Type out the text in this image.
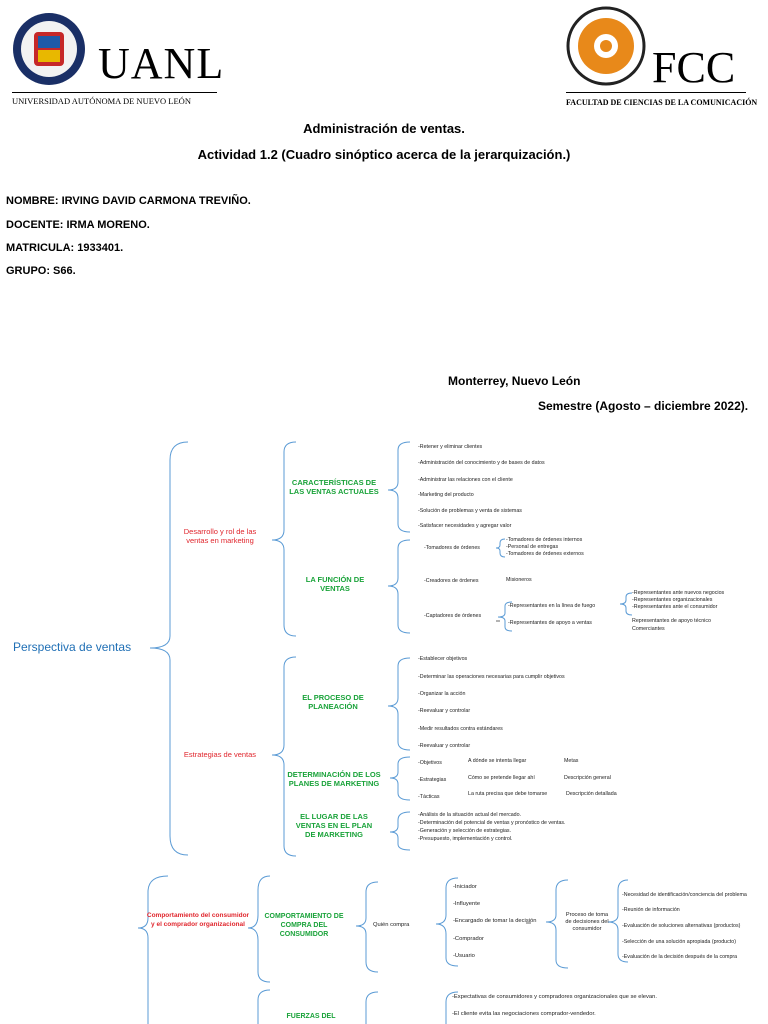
UANL
UNIVERSIDAD AUTÓNOMA DE NUEVO LEÓN
FCC
FACULTAD DE CIENCIAS DE LA COMUNICACIÓN
Administración de ventas.
Actividad 1.2 (Cuadro sinóptico acerca de la jerarquización.)
NOMBRE: IRVING DAVID CARMONA TREVIÑO.
DOCENTE: IRMA MORENO.
MATRICULA: 1933401.
GRUPO: S66.
Monterrey, Nuevo León
Semestre (Agosto – diciembre 2022).
Perspectiva de ventas
Desarrollo y rol de las ventas en marketing
CARACTERÍSTICAS DE LAS VENTAS ACTUALES
LA FUNCIÓN DE VENTAS
-Retener y eliminar clientes
-Administración del conocimiento y de bases de datos
-Administrar las relaciones con el cliente
-Marketing del producto
-Solución de problemas y venta de sistemas
-Satisfacer necesidades y agregar valor
-Tomadores de órdenes
-Tomadores de órdenes internos
-Personal de entregas
-Tomadores de órdenes externos
-Creadores de órdenes	Misioneros
-Captadores de órdenes
-Representantes en la línea de fuego
-Representantes de apoyo a ventas
-Representantes ante nuevos negocios
-Representantes organizacionales
-Representantes ante el consumidor
Representantes de apoyo técnico
Comerciantes
Estrategias de ventas
EL PROCESO DE PLANEACIÓN
-Establecer objetivos
-Determinar las operaciones necesarias para cumplir objetivos
-Organizar la acción
-Reevaluar y controlar
-Medir resultados contra estándares
-Reevaluar y controlar
DETERMINACIÓN DE LOS PLANES DE MARKETING
-Objetivos	A dónde se intenta llegar	Metas
-Estrategias	Cómo se pretende llegar ahí	Descripción general
-Tácticas	La ruta precisa que debe tomarse	Descripción detallada
EL LUGAR DE LAS VENTAS EN EL PLAN DE MARKETING
-Análisis de la situación actual del mercado.
-Determinación del potencial de ventas y pronóstico de ventas.
-Generación y selección de estrategias.
-Presupuesto, implementación y control.
Comportamiento del consumidor y el comprador organizacional
COMPORTAMIENTO DE COMPRA DEL CONSUMIDOR
Quién compra
-Iniciador
-Influyente
-Encargado de tomar la decisión
-Comprador
-Usuario
Proceso de toma de decisiones del consumidor
-Necesidad de identificación/conciencia del problema
-Reunión de información
-Evaluación de soluciones alternativas (productos)
-Selección de una solución apropiada (producto)
-Evaluación de la decisión después de la compra
FUERZAS DEL
-Expectativas de consumidores y compradores organizacionales que se elevan.
-El cliente evita las negociaciones comprador-vendedor.
